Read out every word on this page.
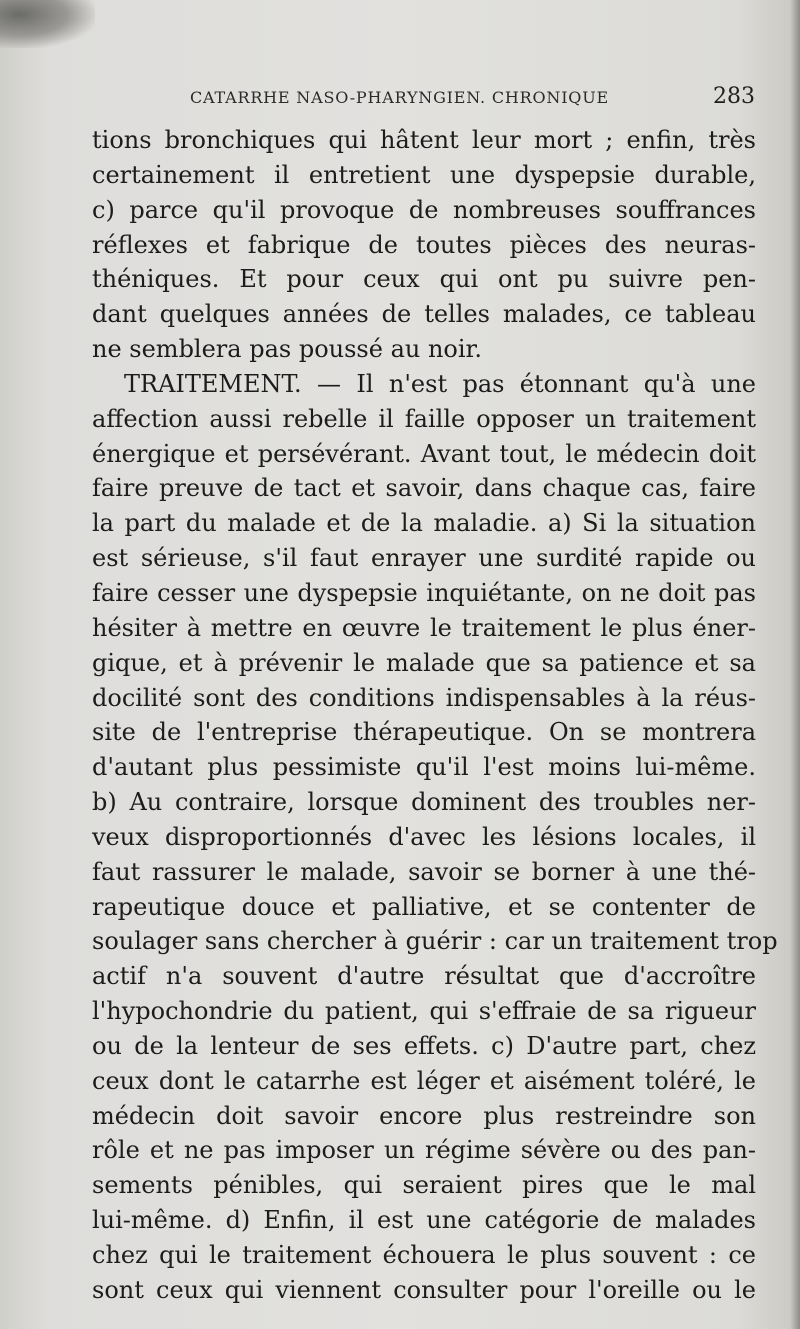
CATARRHE NASO-PHARYNGIEN. CHRONIQUE	283
tions bronchiques qui hâtent leur mort ; enfin, très
certainement il entretient une dyspepsie durable,
c) parce qu'il provoque de nombreuses souffrances
réflexes et fabrique de toutes pièces des neuras-
théniques. Et pour ceux qui ont pu suivre pen-
dant quelques années de telles malades, ce tableau
ne semblera pas poussé au noir.
TRAITEMENT. — Il n'est pas étonnant qu'à une
affection aussi rebelle il faille opposer un traitement
énergique et persévérant. Avant tout, le médecin doit
faire preuve de tact et savoir, dans chaque cas, faire
la part du malade et de la maladie. a) Si la situation
est sérieuse, s'il faut enrayer une surdité rapide ou
faire cesser une dyspepsie inquiétante, on ne doit pas
hésiter à mettre en œuvre le traitement le plus éner-
gique, et à prévenir le malade que sa patience et sa
docilité sont des conditions indispensables à la réus-
site de l'entreprise thérapeutique. On se montrera
d'autant plus pessimiste qu'il l'est moins lui-même.
b) Au contraire, lorsque dominent des troubles ner-
veux disproportionnés d'avec les lésions locales, il
faut rassurer le malade, savoir se borner à une thé-
rapeutique douce et palliative, et se contenter de
soulager sans chercher à guérir : car un traitement trop
actif n'a souvent d'autre résultat que d'accroître
l'hypochondrie du patient, qui s'effraie de sa rigueur
ou de la lenteur de ses effets. c) D'autre part, chez
ceux dont le catarrhe est léger et aisément toléré, le
médecin doit savoir encore plus restreindre son
rôle et ne pas imposer un régime sévère ou des pan-
sements pénibles, qui seraient pires que le mal
lui-même. d) Enfin, il est une catégorie de malades
chez qui le traitement échouera le plus souvent : ce
sont ceux qui viennent consulter pour l'oreille ou le
